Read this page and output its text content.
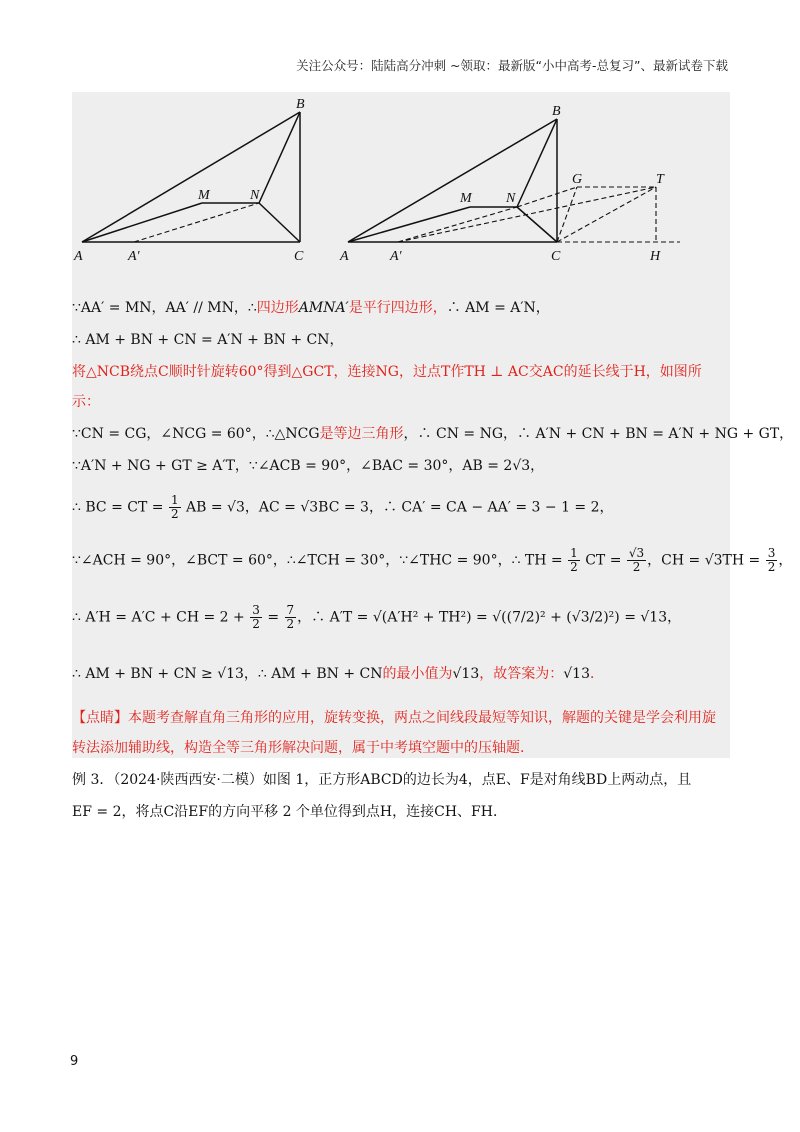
关注公众号：陆陆高分冲刺 ~领取：最新版“小中高考-总复习”、最新试卷下载
A	A′
B
C
M	N
A	A′
B
C
M N
G	T
H
∵AA′ = MN，AA′ // MN，∴四边形AMNA′是平行四边形，∴ AM = A′N，
∴ AM + BN + CN = A′N + BN + CN，
将△NCB绕点C顺时针旋转60°得到△GCT，连接NG，过点T作TH ⊥ AC交AC的延长线于H，如图所
示：
∵CN = CG，∠NCG = 60°，∴△NCG是等边三角形，∴ CN = NG，∴ A′N + CN + BN = A′N + NG + GT，
∵A′N + NG + GT ≥ A′T，∵∠ACB = 90°，∠BAC = 30°，AB = 2√3，
∴ BC = CT = $\frac{1}{2}$ AB = √3，AC = √3BC = 3，∴ CA′ = CA − AA′ = 3 − 1 = 2，
∵∠ACH = 90°，∠BCT = 60°，∴∠TCH = 30°，∵∠THC = 90°，∴ TH = $\frac{1}{2}$ CT = $\frac{√3}{2}$ ，CH = $√3TH = \frac{3}{2}$ ，
∴ A′H = A′C + CH = $2 + \frac{3}{2} = \frac{7}{2}$ ，∴ A′T = √(A′H² + TH²) = √((7/2)² + (√3/2)²) = √13，
∴ AM + BN + CN ≥ √13，∴ AM + BN + CN的最小值为√13，故答案为：√13．
【点睛】本题考查解直角三角形的应用，旋转变换，两点之间线段最短等知识，解题的关键是学会利用旋
转法添加辅助线，构造全等三角形解决问题，属于中考填空题中的压轴题.
例 3．（2024·陕西西安·二模）如图 1，正方形ABCD的边长为4，点E、F是对角线BD上两动点，且
EF = 2，将点C沿EF的方向平移 2 个单位得到点H，连接CH、FH．
9
